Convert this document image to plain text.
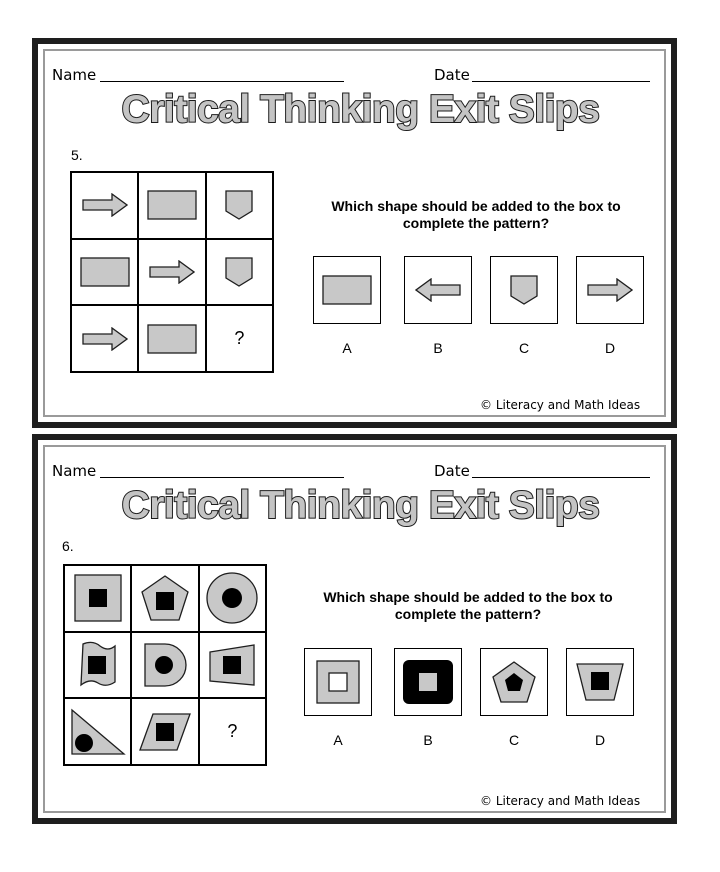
Name	Date
Critical Thinking Exit Slips
5.
?
Which shape should be added to the box to
complete the pattern?
A	B	C	D
© Literacy and Math Ideas
Name	Date
Critical Thinking Exit Slips
6.
?
Which shape should be added to the box to
complete the pattern?
A	B	C	D
© Literacy and Math Ideas
